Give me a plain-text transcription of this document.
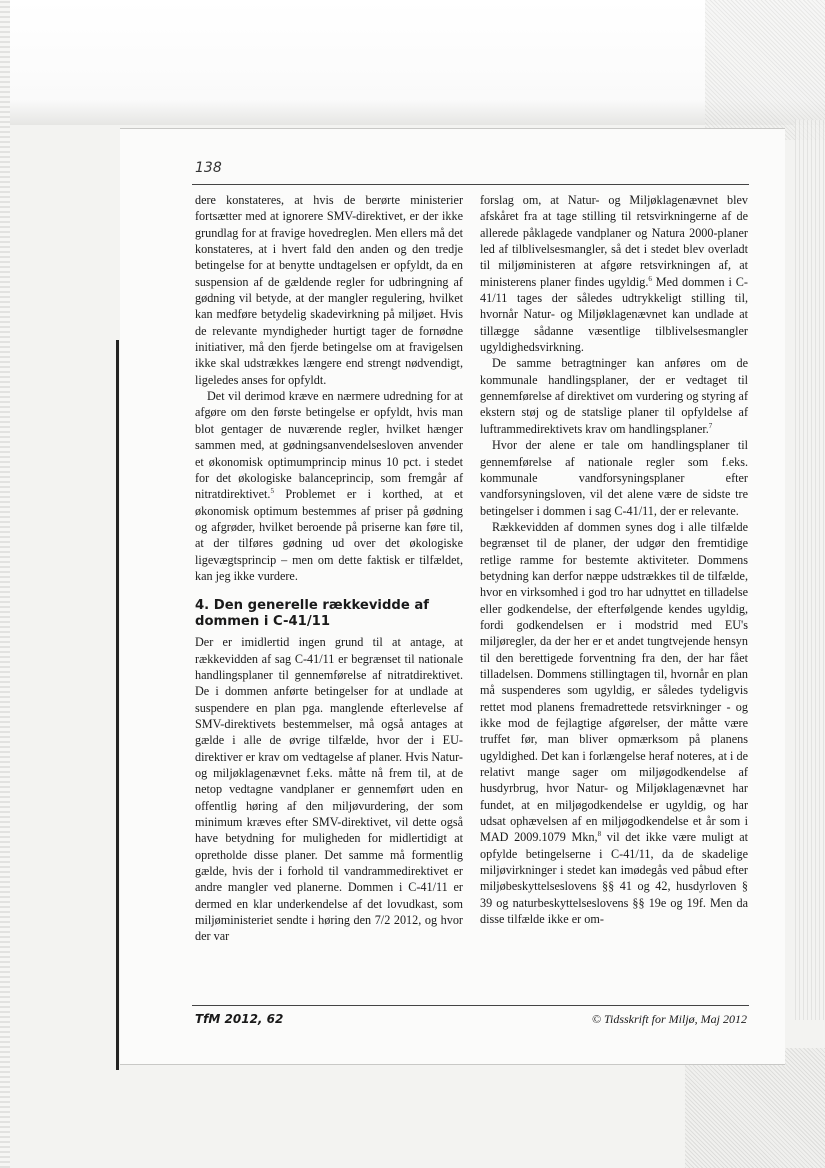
138

dere konstateres, at hvis de berørte ministerier fortsætter med at ignorere SMV-direktivet, er der ikke grundlag for at fravige hovedreglen. Men ellers må det konstateres, at i hvert fald den anden og den tredje betingelse for at benytte undtagelsen er opfyldt, da en suspension af de gældende regler for udbringning af gødning vil betyde, at der mangler regulering, hvilket kan medføre betydelig skadevirkning på miljøet. Hvis de relevante myndigheder hurtigt tager de fornødne initiativer, må den fjerde betingelse om at fravigelsen ikke skal udstrækkes længere end strengt nødvendigt, ligeledes anses for opfyldt.

Det vil derimod kræve en nærmere udredning for at afgøre om den første betingelse er opfyldt, hvis man blot gentager de nuværende regler, hvilket hænger sammen med, at gødningsanvendelsesloven anvender et økonomisk optimumprincip minus 10 pct. i stedet for det økologiske balanceprincip, som fremgår af nitratdirektivet.$^5$ Problemet er i korthed, at et økonomisk optimum bestemmes af priser på gødning og afgrøder, hvilket beroende på priserne kan føre til, at der tilføres gødning ud over det økologiske ligevægtsprincip – men om dette faktisk er tilfældet, kan jeg ikke vurdere.

4. Den generelle rækkevidde af dommen i C-41/11

Der er imidlertid ingen grund til at antage, at rækkevidden af sag C-41/11 er begrænset til nationale handlingsplaner til gennemførelse af nitratdirektivet. De i dommen anførte betingelser for at undlade at suspendere en plan pga. manglende efterlevelse af SMV-direktivets bestemmelser, må også antages at gælde i alle de øvrige tilfælde, hvor der i EU-direktiver er krav om vedtagelse af planer. Hvis Natur- og miljøklagenævnet f.eks. måtte nå frem til, at de netop vedtagne vandplaner er gennemført uden en offentlig høring af den miljøvurdering, der som minimum kræves efter SMV-direktivet, vil dette også have betydning for muligheden for midlertidigt at opretholde disse planer. Det samme må formentlig gælde, hvis der i forhold til vandrammedirektivet er andre mangler ved planerne. Dommen i C-41/11 er dermed en klar underkendelse af det lovudkast, som miljøministeriet sendte i høring den 7/2 2012, og hvor der var

forslag om, at Natur- og Miljøklagenævnet blev afskåret fra at tage stilling til retsvirkningerne af de allerede påklagede vandplaner og Natura 2000-planer led af tilblivelsesmangler, så det i stedet blev overladt til miljøministeren at afgøre retsvirkningen af, at ministerens planer findes ugyldig.$^6$ Med dommen i C-41/11 tages der således udtrykkeligt stilling til, hvornår Natur- og Miljøklagenævnet kan undlade at tillægge sådanne væsentlige tilblivelsesmangler ugyldighedsvirkning.

De samme betragtninger kan anføres om de kommunale handlingsplaner, der er vedtaget til gennemførelse af direktivet om vurdering og styring af ekstern støj og de statslige planer til opfyldelse af luftrammedirektivets krav om handlingsplaner.$^7$

Hvor der alene er tale om handlingsplaner til gennemførelse af nationale regler som f.eks. kommunale vandforsyningsplaner efter vandforsyningsloven, vil det alene være de sidste tre betingelser i dommen i sag C-41/11, der er relevante.

Rækkevidden af dommen synes dog i alle tilfælde begrænset til de planer, der udgør den fremtidige retlige ramme for bestemte aktiviteter. Dommens betydning kan derfor næppe udstrækkes til de tilfælde, hvor en virksomhed i god tro har udnyttet en tilladelse eller godkendelse, der efterfølgende kendes ugyldig, fordi godkendelsen er i modstrid med EU's miljøregler, da der her er et andet tungtvejende hensyn til den berettigede forventning fra den, der har fået tilladelsen. Dommens stillingtagen til, hvornår en plan må suspenderes som ugyldig, er således tydeligvis rettet mod planens fremadrettede retsvirkninger - og ikke mod de fejlagtige afgørelser, der måtte være truffet før, man bliver opmærksom på planens ugyldighed. Det kan i forlængelse heraf noteres, at i de relativt mange sager om miljøgodkendelse af husdyrbrug, hvor Natur- og Miljøklagenævnet har fundet, at en miljøgodkendelse er ugyldig, og har udsat ophævelsen af en miljøgodkendelse et år som i MAD 2009.1079 Mkn,$^8$ vil det ikke være muligt at opfylde betingelserne i C-41/11, da de skadelige miljøvirkninger i stedet kan imødegås ved påbud efter miljøbeskyttelseslovens §§ 41 og 42, husdyrloven § 39 og naturbeskyttelseslovens §§ 19e og 19f. Men da disse tilfælde ikke er om-

TfM 2012, 62	© Tidsskrift for Miljø, Maj 2012
